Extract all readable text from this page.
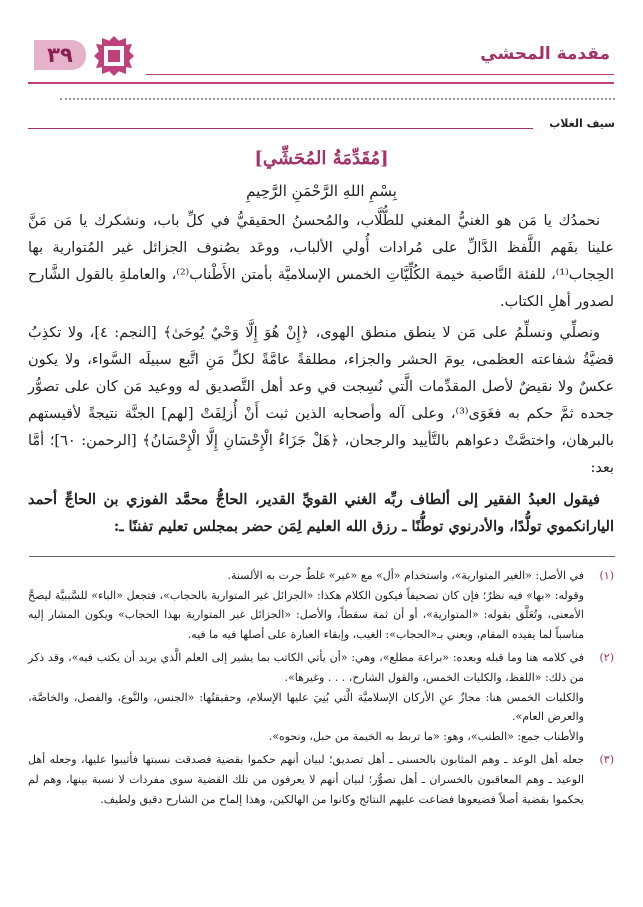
مقدمة المحشي
٣٩
سيف الغلاب
[مُقَدِّمَةُ المُحَشِّي]
بِسْمِ اللهِ الرَّحْمَنِ الرَّحِيمِ

نحمدُك يا مَن هو الغنيُّ المغني للطُّلَّاب، والمُحسنُ الحقيقيُّ في كلِّ باب، ونشكرك يا مَن مَنَّ علينا بفَهم اللَّفظ الدَّالِّ على مُرادات أُولي الألباب، ووعَد بصُنوف الجزائل غير المُتوارية بها الحِجاب⁽¹⁾، للفئة النَّاصبة خيمة الكُلِّيَّاتِ الخمس الإسلاميَّة بأمتن الأَطْناب⁽²⁾، والعاملةِ بالقول الشَّارح لصدور أهلِ الكتاب.

ونصلِّي ونسلِّمُ على مَن لا ينطق منطق الهوى، ﴿إِنْ هُوَ إِلَّا وَحْيٌ يُوحَىٰ﴾ [النجم: ٤]، ولا تكذِبُ قضيَّةُ شفاعته العظمى، يومَ الحشر والجزاء، مطلقةً عامَّةً لكلِّ مَنِ اتَّبع سبيلَه السَّواء، ولا يكون عكسٌ ولا نقيضٌ لأصل المقدِّمات الَّتي نُسِجت في وعد أهل التَّصديق له ووعيد مَن كان على تصوُّر جحده ثمَّ حكم به فغَوَى⁽³⁾، وعلى آله وأصحابه الذين ثبت أَنْ أُزلِفَتْ [لهم] الجنَّة نتيجةً لأقيستهم بالبرهان، واختصَّتْ دعواهم بالتَّأييد والرجحان، ﴿هَلْ جَزَاءُ الْإِحْسَانِ إِلَّا الْإِحْسَانُ﴾ [الرحمن: ٦٠]؛ أمَّا بعد:

فيقول العبدُ الفقير إلى ألطاف ربِّه الغني القويِّ القدير، الحاجُّ محمَّد الفوزي بن الحاجِّ أحمد اليارانكموي تولُّدًا، والأدرنوي توطُّنًا ـ رزق الله العليم لِمَن حضر بمجلس تعليم تفننًا ـ:

(١)

في الأصل: «الغير المتوارية»، واستخدام «أل» مع «غير» غلطٌ جرت به الألسنة.

وقوله: «بها» فيه نظرٌ؛ فإن كان تصحيفاً فيكون الكلام هكذا: «الجزائل غير المتوارية بالحجاب»، فتجعل «الباء» للسَّببيَّة ليصحَّ الأمعنى، وتُعَلَّق بقوله: «المتوارية»، أو أن ثمة سقطاً، والأصل: «الجزائل غير المتوارية بهذا الحجاب» ويكون المشار إليه مناسباً لما يفيده المقام، ويعني بـ«الحجاب»: الغيب، وإبقاء العبارة على أصلها فيه ما فيه.

(٢)

في كلامه هنا وما قبله وبعده: «براعة مطلع»، وهي: «أن يأتي الكاتب بما يشير إلى العلم الَّذي يريد أن يكتب فيه»، وقد ذكر من ذلك: «اللفظ، والكليات الخمس، والقول الشارح، . . . وغيرها».

والكليات الخمس هنا: مجازٌ عنِ الأركان الإسلاميَّة الَّتي بُنِيَ عليها الإسلام، وحقيقتُها: «الجنس، والنَّوع، والفصل، والخاصَّة، والعرض العام».

والأطناب جمع: «الطنب»، وهو: «ما تربط به الخيمة من حبل، ونحوه».

(٣)

جعله أهل الوعد ـ وهم المثابون بالحسنى ـ أهل تصديق؛ لبيان أنهم حكموا بقضية فصدقت نسبتها فأثيبوا عليها، وجعله أهل الوعيد ـ وهم المعاقبون بالخسران ـ أهل تصوُّر؛ لبيان أنهم لا يعرفون من تلك القضية سوى مفردات لا نسبة بينها، وهم لم يحكموا بقضية أصلاً فضيعوها فضاعت عليهم النتائج وكانوا من الهالكين، وهذا إلماح من الشارح دقيق ولطيف.
